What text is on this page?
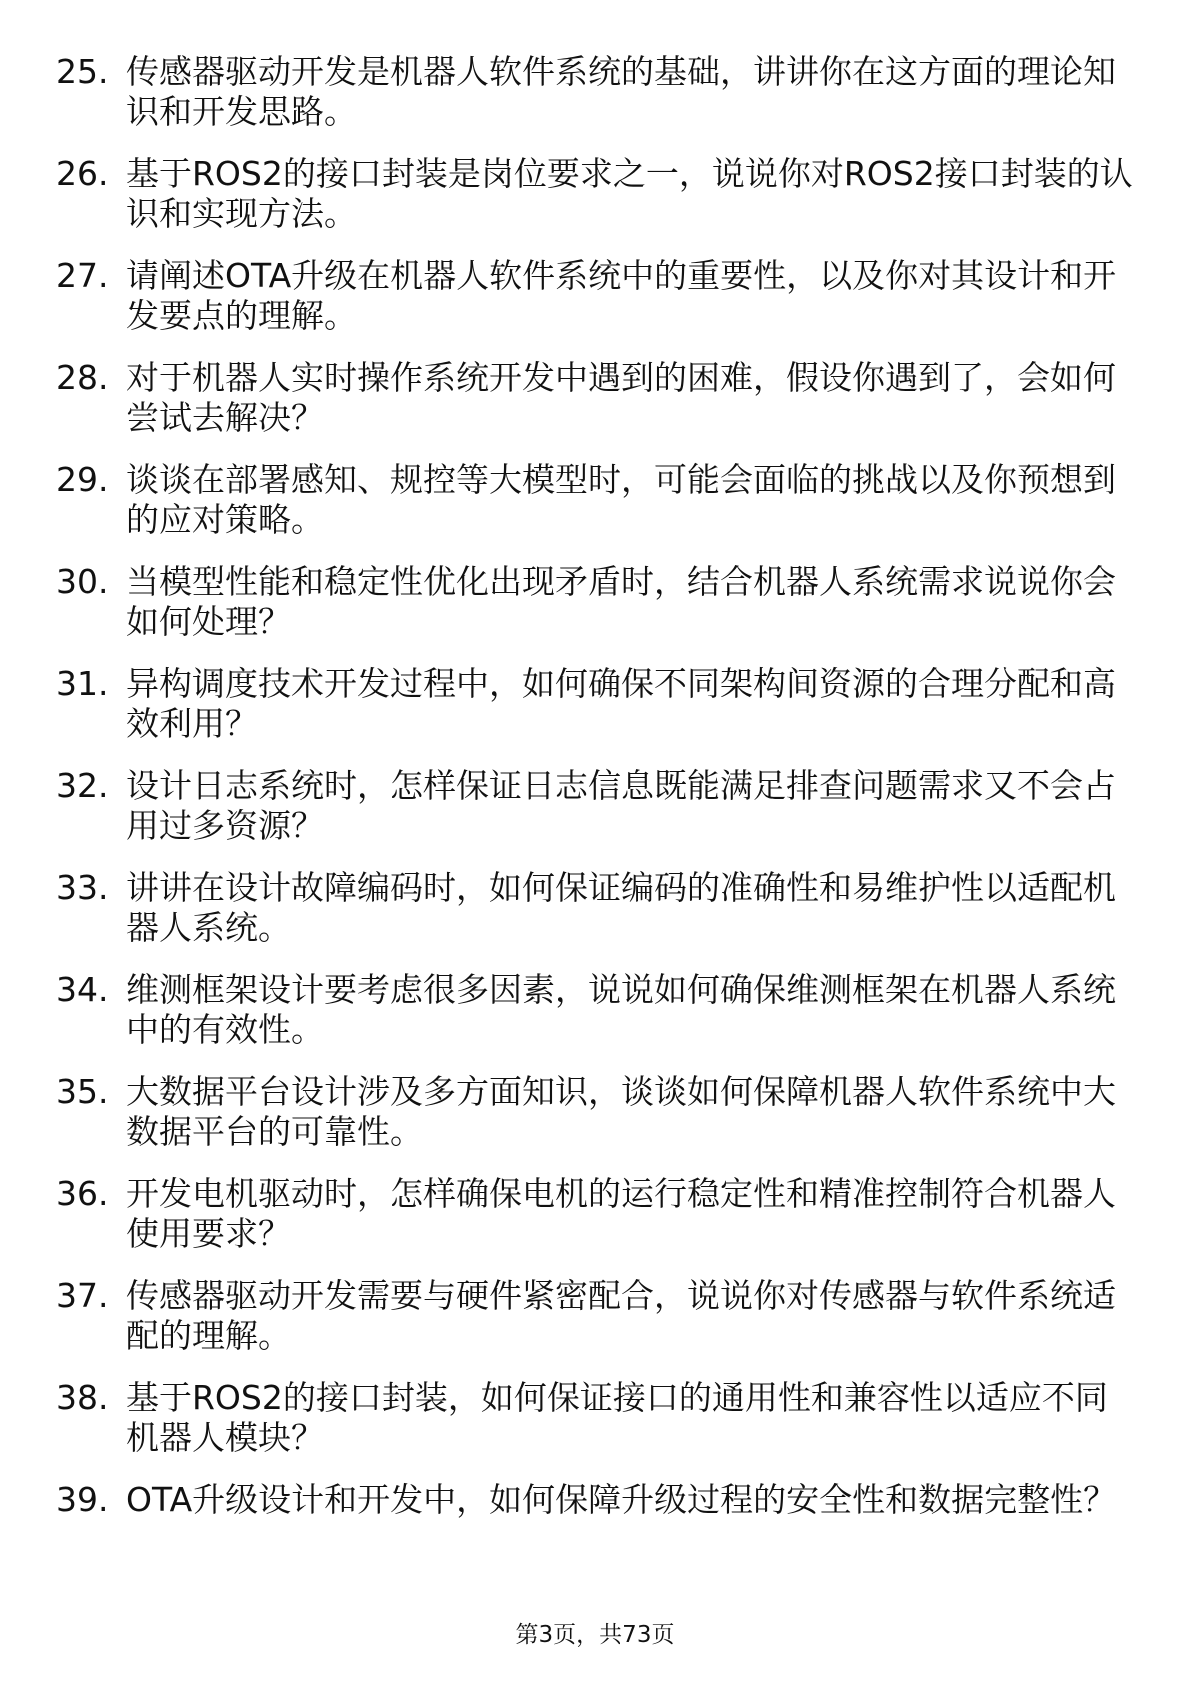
25. 传感器驱动开发是机器人软件系统的基础，讲讲你在这方面的理论知识和开发思路。
26. 基于ROS2的接口封装是岗位要求之一，说说你对ROS2接口封装的认识和实现方法。
27. 请阐述OTA升级在机器人软件系统中的重要性，以及你对其设计和开发要点的理解。
28. 对于机器人实时操作系统开发中遇到的困难，假设你遇到了，会如何尝试去解决？
29. 谈谈在部署感知、规控等大模型时，可能会面临的挑战以及你预想到的应对策略。
30. 当模型性能和稳定性优化出现矛盾时，结合机器人系统需求说说你会如何处理？
31. 异构调度技术开发过程中，如何确保不同架构间资源的合理分配和高效利用？
32. 设计日志系统时，怎样保证日志信息既能满足排查问题需求又不会占用过多资源？
33. 讲讲在设计故障编码时，如何保证编码的准确性和易维护性以适配机器人系统。
34. 维测框架设计要考虑很多因素，说说如何确保维测框架在机器人系统中的有效性。
35. 大数据平台设计涉及多方面知识，谈谈如何保障机器人软件系统中大数据平台的可靠性。
36. 开发电机驱动时，怎样确保电机的运行稳定性和精准控制符合机器人使用要求？
37. 传感器驱动开发需要与硬件紧密配合，说说你对传感器与软件系统适配的理解。
38. 基于ROS2的接口封装，如何保证接口的通用性和兼容性以适应不同机器人模块？
39. OTA升级设计和开发中，如何保障升级过程的安全性和数据完整性？
第3页，共73页
